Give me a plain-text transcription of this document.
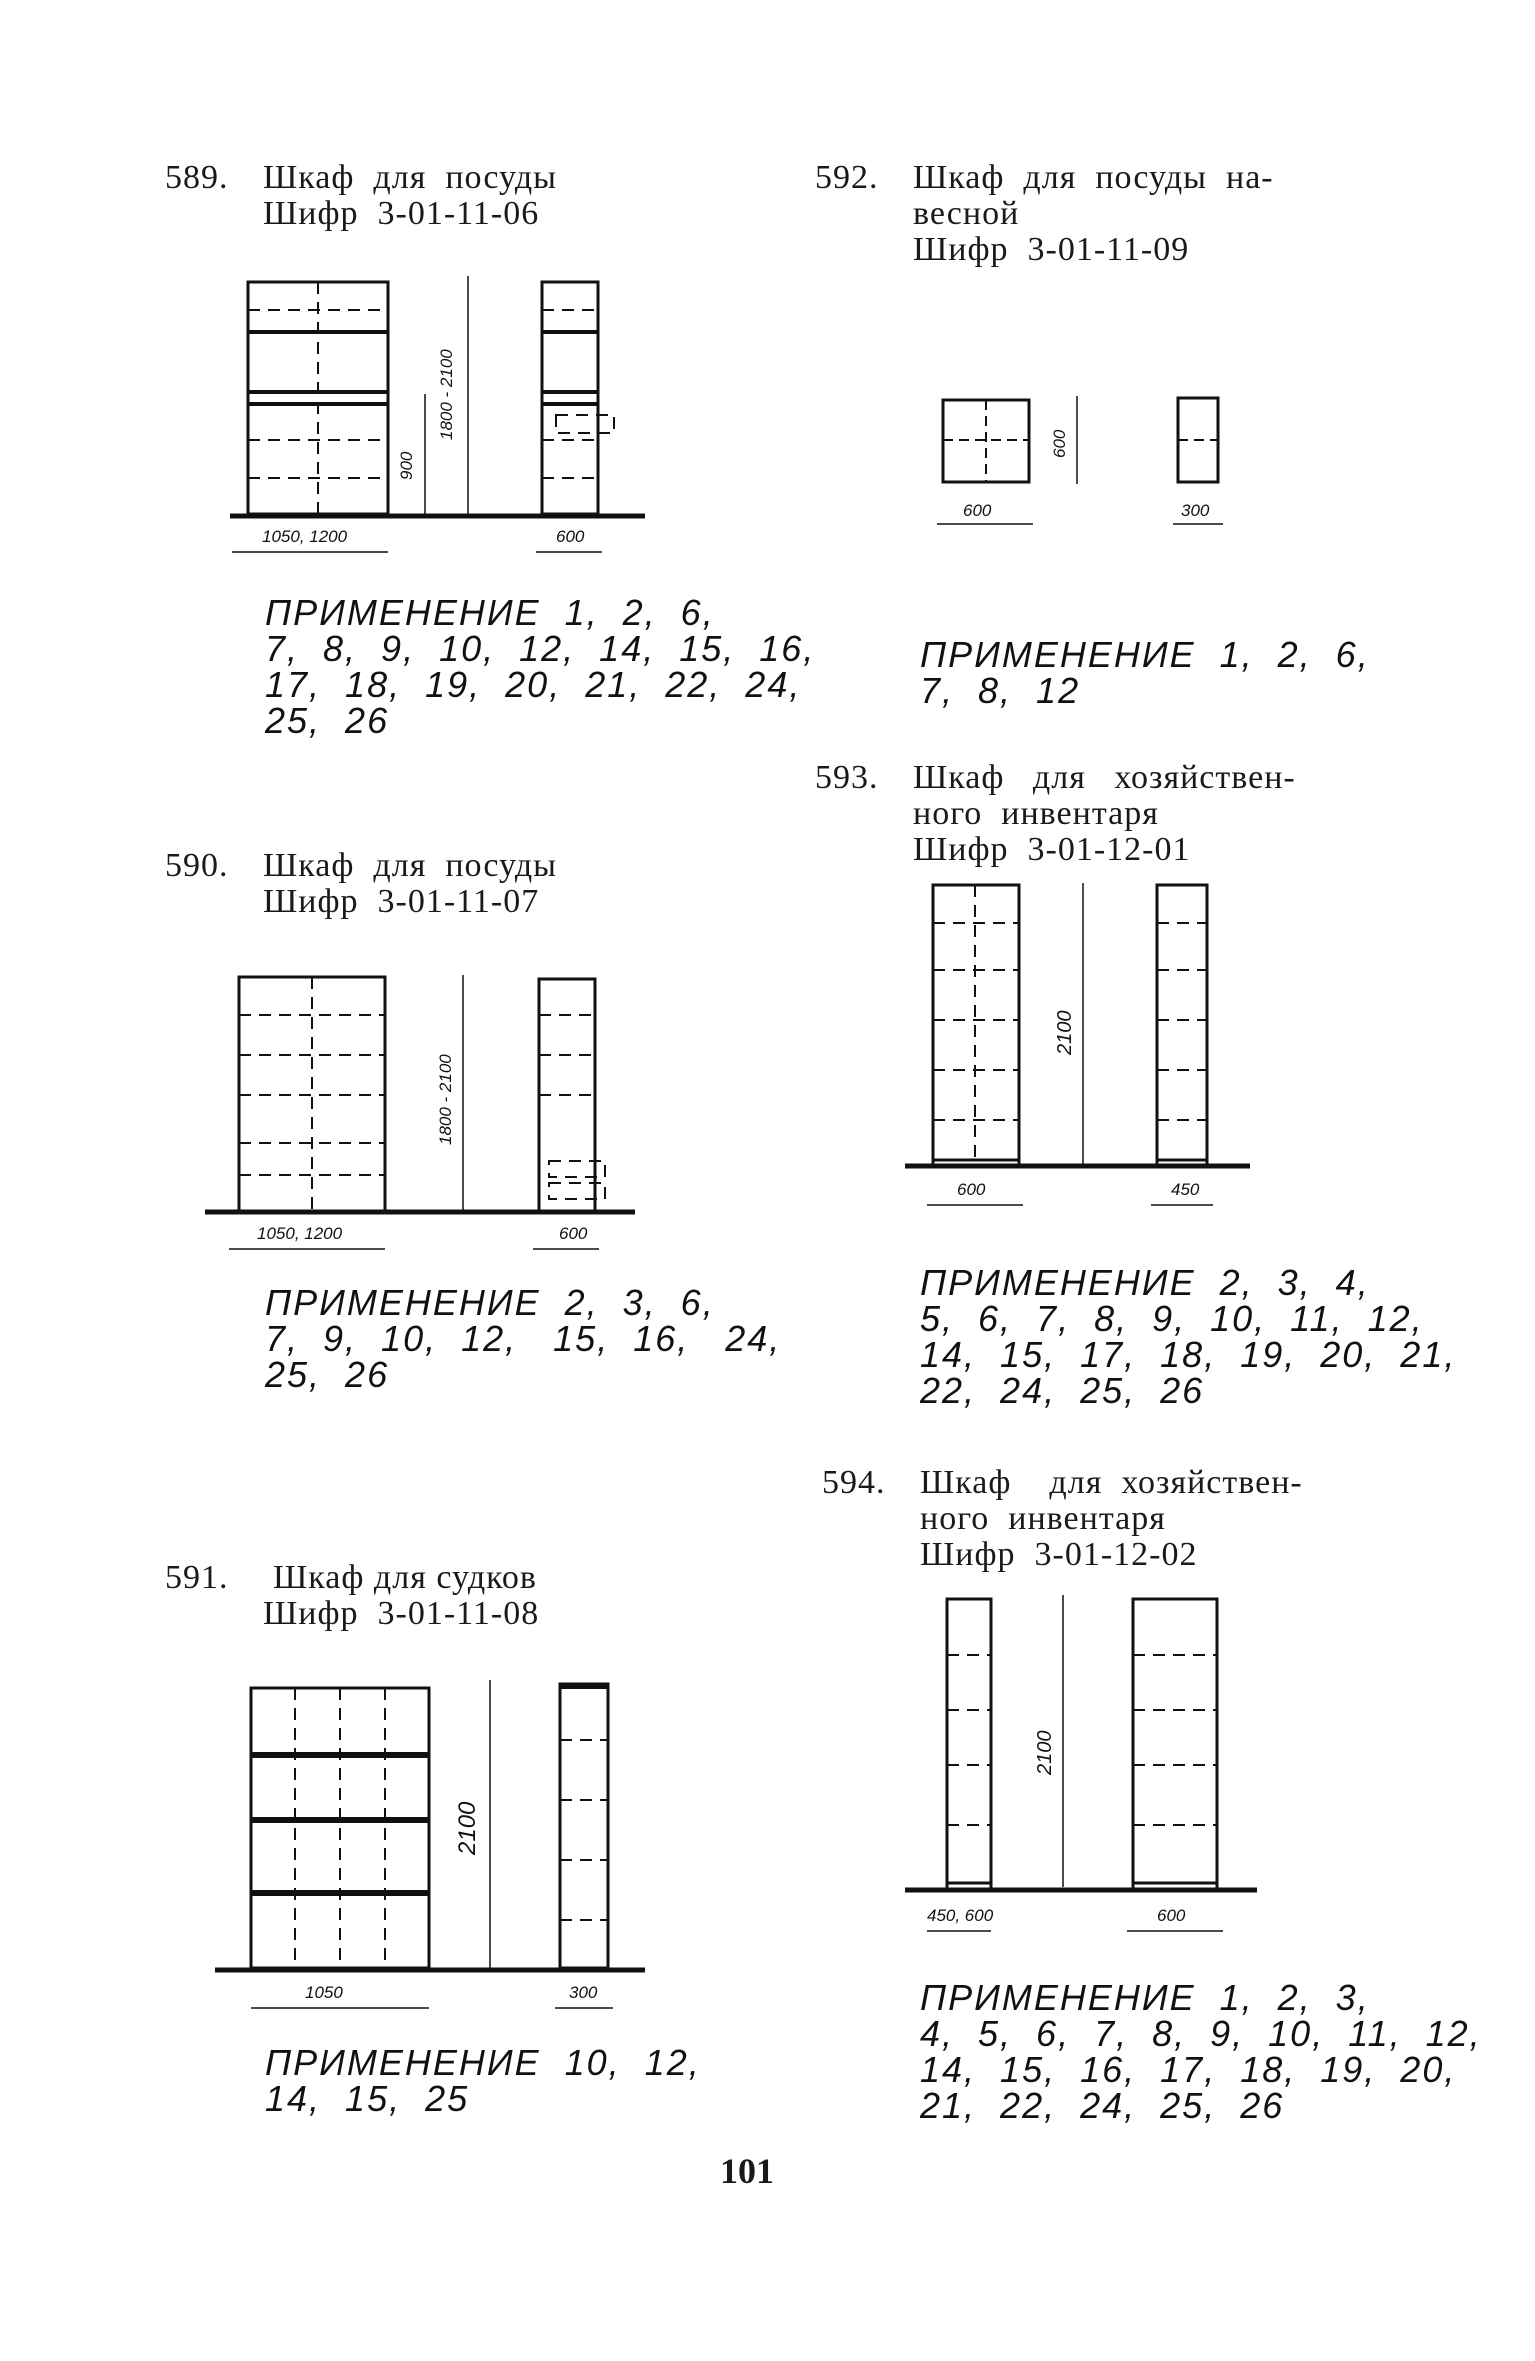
589. Шкаф  для  посуды
Шифр  3-01-11-06
1800 - 2100
900
1050, 1200	600
ПРИМЕНЕНИЕ  1,  2,  6,
7,  8,  9,  10,  12,  14,  15,  16,
17,  18,  19,  20,  21,  22,  24,
25,  26
590. Шкаф  для  посуды
Шифр  3-01-11-07
1800 - 2100
1050, 1200	600
ПРИМЕНЕНИЕ  2,  3,  6,
7,  9,  10,  12,   15,  16,   24,
25,  26
591. Шкаф для судков
Шифр  3-01-11-08
2100
1050	300
ПРИМЕНЕНИЕ  10,  12,
14,  15,  25
592. Шкаф  для  посуды  на-
весной
Шифр  3-01-11-09
600
600	300
ПРИМЕНЕНИЕ  1,  2,  6,
7,  8,  12
593. Шкаф   для   хозяйствен-
ного  инвентаря
Шифр  3-01-12-01
2100
600	450
ПРИМЕНЕНИЕ  2,  3,  4,
5,  6,  7,  8,  9,  10,  11,  12,
14,  15,  17,  18,  19,  20,  21,
22,  24,  25,  26
594. Шкаф    для  хозяйствен-
ного  инвентаря
Шифр  3-01-12-02
2100
450, 600	600
ПРИМЕНЕНИЕ  1,  2,  3,
4,  5,  6,  7,  8,  9,  10,  11,  12,
14,  15,  16,  17,  18,  19,  20,
21,  22,  24,  25,  26
101
